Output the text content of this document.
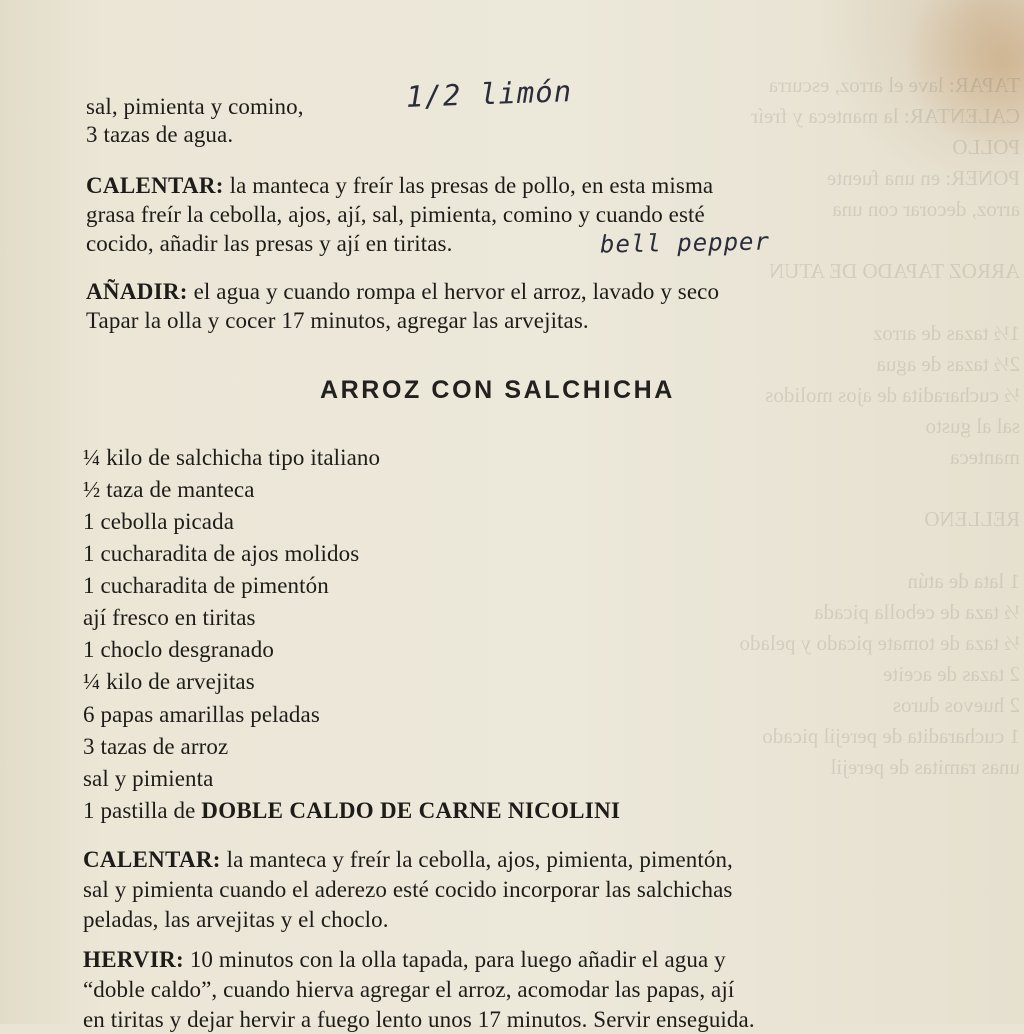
TAPAR: lave el arroz, escurra
CALENTAR: la manteca y freír
POLLO
PONER: en una fuente
arroz, decorar con una

ARROZ TAPADO DE ATUN

1½ tazas de arroz
2½ tazas de agua
½ cucharadita de ajos molidos
sal al gusto
manteca

RELLENO

1 lata de atún
½ taza de cebolla picada
½ taza de tomate picado y pelado
2 tazas de aceite
2 huevos duros
1 cucharadita de perejil picado
unas ramitas de perejil
sal, pimienta y comino,	1/2 limón
3 tazas de agua.
CALENTAR: la manteca y freír las presas de pollo, en esta misma
grasa freír la cebolla, ajos, ají, sal, pimienta, comino y cuando esté
cocido, añadir las presas y ají en tiritas.	bell pepper
AÑADIR: el agua y cuando rompa el hervor el arroz, lavado y seco
Tapar la olla y cocer 17 minutos, agregar las arvejitas.
ARROZ CON SALCHICHA
¼ kilo de salchicha tipo italiano
½ taza de manteca
1 cebolla picada
1 cucharadita de ajos molidos
1 cucharadita de pimentón
ají fresco en tiritas
1 choclo desgranado
¼ kilo de arvejitas
6 papas amarillas peladas
3 tazas de arroz
sal y pimienta
1 pastilla de DOBLE CALDO DE CARNE NICOLINI
CALENTAR: la manteca y freír la cebolla, ajos, pimienta, pimentón,
sal y pimienta cuando el aderezo esté cocido incorporar las salchichas
peladas, las arvejitas y el choclo.
HERVIR: 10 minutos con la olla tapada, para luego añadir el agua y
“doble caldo”, cuando hierva agregar el arroz, acomodar las papas, ají
en tiritas y dejar hervir a fuego lento unos 17 minutos. Servir enseguida.
